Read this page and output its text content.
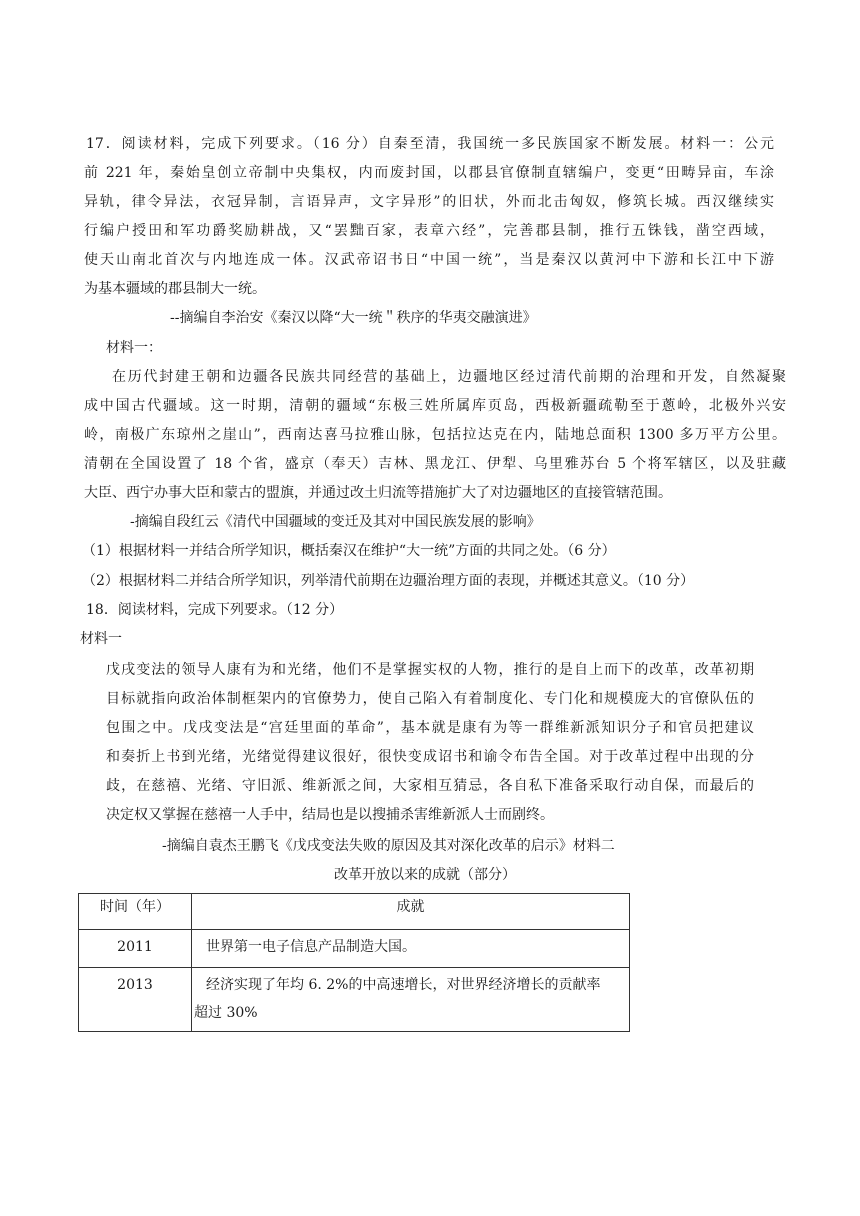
17．阅读材料，完成下列要求。（16 分）自秦至清，我国统一多民族国家不断发展。材料一：公元
前 221 年，秦始皇创立帝制中央集权，内而废封国，以郡县官僚制直辖编户，变更“田畴异亩，车涂
异轨，律令异法，衣冠异制，言语异声，文字异形”的旧状，外而北击匈奴，修筑长城。西汉继续实
行编户授田和军功爵奖励耕战，又“罢黜百家，表章六经”，完善郡县制，推行五铢钱，凿空西域，
使天山南北首次与内地连成一体。汉武帝诏书日“中国一统”，当是秦汉以黄河中下游和长江中下游
为基本疆域的郡县制大一统。
--摘编自李治安《秦汉以降“大一统＂秩序的华夷交融演进》
材料一：
在历代封建王朝和边疆各民族共同经营的基础上，边疆地区经过清代前期的治理和开发，自然凝聚
成中国古代疆域。这一时期，清朝的疆域“东极三姓所属库页岛，西极新疆疏勒至于蔥岭，北极外兴安
岭，南极广东琼州之崖山”，西南达喜马拉雅山脉，包括拉达克在内，陆地总面积 1300 多万平方公里。
清朝在全国设置了 18 个省，盛京（奉天）吉林、黑龙江、伊犁、乌里雅苏台 5 个将军辖区，以及驻藏
大臣、西宁办事大臣和蒙古的盟旗，并通过改土归流等措施扩大了对边疆地区的直接管辖范围。
-摘编自段红云《清代中国疆域的变迁及其对中国民族发展的影响》
（1）根据材料一并结合所学知识，概括秦汉在维护“大一统”方面的共同之处。（6 分）
（2）根据材料二并结合所学知识，列举清代前期在边疆治理方面的表现，并概述其意义。（10 分）
18．阅读材料，完成下列要求。（12 分）
材料一
戊戌变法的领导人康有为和光绪，他们不是掌握实权的人物，推行的是自上而下的改革，改革初期
目标就指向政治体制框架内的官僚势力，使自己陷入有着制度化、专门化和规模庞大的官僚队伍的
包围之中。戊戌变法是“宫廷里面的革命”，基本就是康有为等一群维新派知识分子和官员把建议
和奏折上书到光绪，光绪觉得建议很好，很快变成诏书和谕令布告全国。对于改革过程中出现的分
歧，在慈禧、光绪、守旧派、维新派之间，大家相互猜忌，各自私下准备采取行动自保，而最后的
决定权又掌握在慈禧一人手中，结局也是以搜捕杀害维新派人士而剧终。
-摘编自袁杰王鹏飞《戊戌变法失败的原因及其对深化改革的启示》材料二
改革开放以来的成就（部分）
时间（年）	成就

2011	世界第一电子信息产品制造大国。

2013	经济实现了年均 6. 2%的中高速增长，对世界经济增长的贡献率
超过 30%
